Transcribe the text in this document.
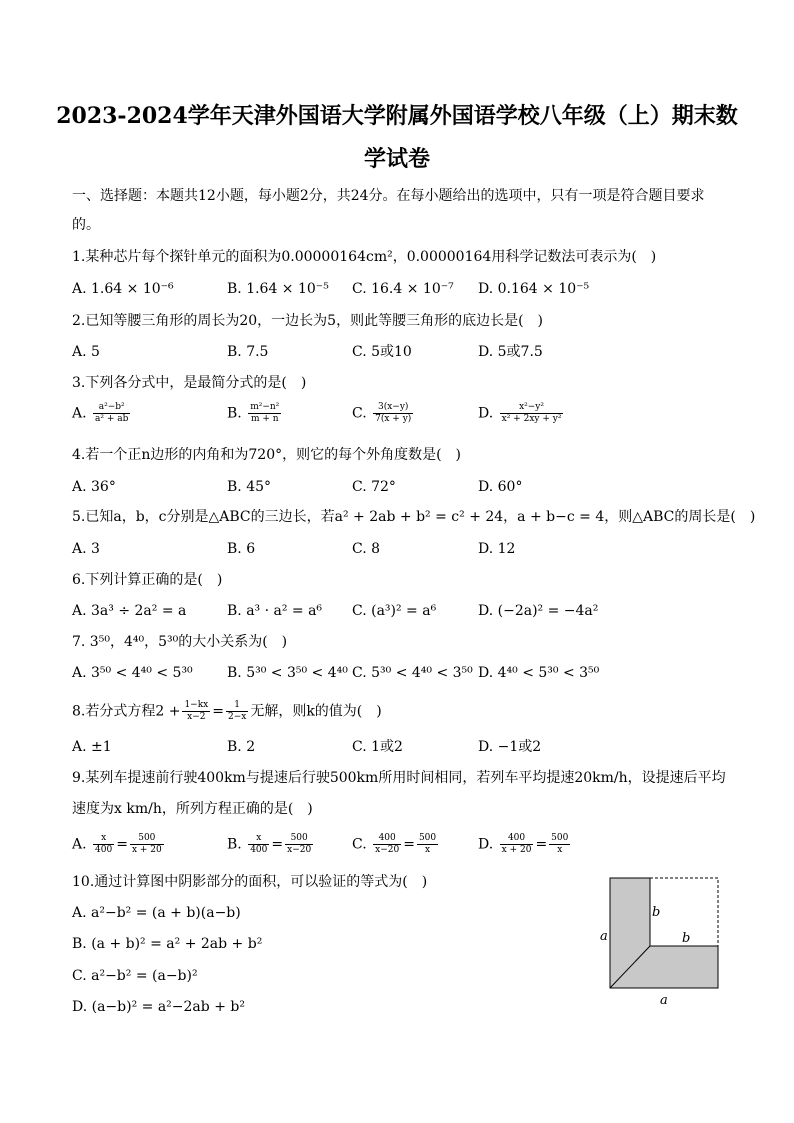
2023-2024学年天津外国语大学附属外国语学校八年级（上）期末数
学试卷
一、选择题：本题共12小题，每小题2分，共24分。在每小题给出的选项中，只有一项是符合题目要求
的。
1.某种芯片每个探针单元的面积为0.00000164cm²，0.00000164用科学记数法可表示为(　)
A. 1.64 × 10⁻⁶	B. 1.64 × 10⁻⁵ C. 16.4 × 10⁻⁷ D. 0.164 × 10⁻⁵
2.已知等腰三角形的周长为20，一边长为5，则此等腰三角形的底边长是(　)
A. 5	B. 7.5	C. 5或10	D. 5或7.5
3.下列各分式中，是最简分式的是(　)
A. $\frac{\text{a²−b²}}{\text{a² + ab}}$	B. $\frac{\text{m²−n²}}{m + n}$	C. $\frac{3(x-y)}{7(x + y)}$	D. $\frac{\text{x²−y²}}{\text{x² + 2xy + y²}}$
4.若一个正n边形的内角和为720°，则它的每个外角度数是(　)
A. 36°	B. 45°	C. 72°	D. 60°
5.已知a，b，c分别是△ABC的三边长，若a² + 2ab + b² = c² + 24，a + b−c = 4，则△ABC的周长是(　)
A. 3	B. 6	C. 8	D. 12
6.下列计算正确的是(　)
A. 3a³ ÷ 2a² = a	B. a³ · a² = a⁶ C. (a³)² = a⁶	D. (−2a)² = −4a²
7. 3⁵⁰，4⁴⁰，5³⁰的大小关系为(　)
A. 3⁵⁰ < 4⁴⁰ < 5³⁰ B. 5³⁰ < 3⁵⁰ < 4⁴⁰ C. 5³⁰ < 4⁴⁰ < 3⁵⁰ D. 4⁴⁰ < 5³⁰ < 3⁵⁰
8.若分式方程$2 + \frac{1-kx}{x-2} = \frac{1}{2-x}$ 无解，则k的值为(　)
A. ±1	B. 2	C. 1或2	D. −1或2
9.某列车提速前行驶400km与提速后行驶500km所用时间相同，若列车平均提速20km/h，设提速后平均
速度为x km/h，所列方程正确的是(　)
A. $\frac{x}{400} = \frac{500}{x + 20}$	B. $\frac{x}{400} = \frac{500}{x-20}$	C. $\frac{400}{x-20} = \frac{500}{x}$	D. $\frac{400}{x + 20} = \frac{500}{x}$
10.通过计算图中阴影部分的面积，可以验证的等式为(　)
A. a²−b² = (a + b)(a−b)
B. (a + b)² = a² + 2ab + b²
C. a²−b² = (a−b)²
D. (a−b)² = a²−2ab + b²
a
a
b
b
